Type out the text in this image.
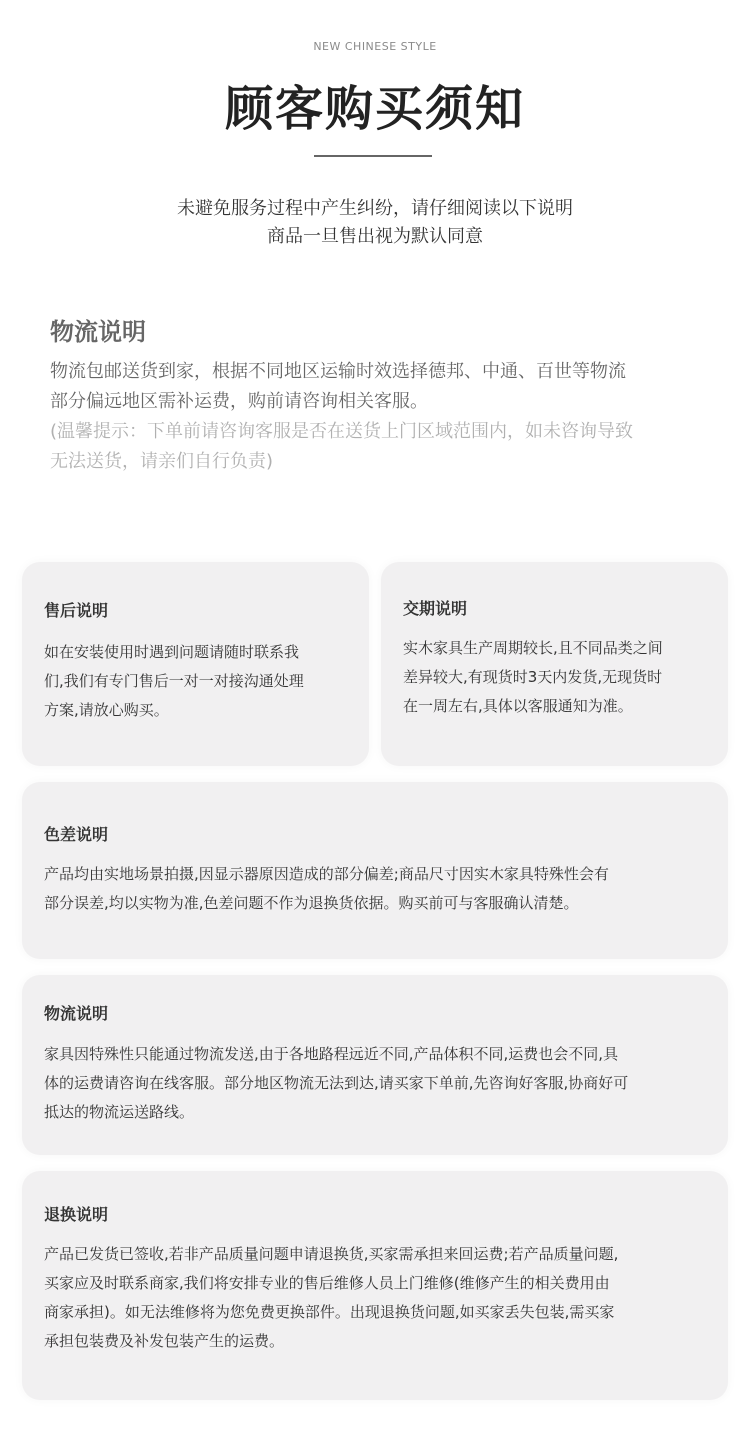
NEW CHINESE STYLE
顾客购买须知
未避免服务过程中产生纠纷，请仔细阅读以下说明
商品一旦售出视为默认同意
物流说明
物流包邮送货到家，根据不同地区运输时效选择德邦、中通、百世等物流
部分偏远地区需补运费，购前请咨询相关客服。
(温馨提示：下单前请咨询客服是否在送货上门区域范围内，如未咨询导致
无法送货，请亲们自行负责)
售后说明
如在安装使用时遇到问题请随时联系我
们,我们有专门售后一对一对接沟通处理
方案,请放心购买。
交期说明
实木家具生产周期较长,且不同品类之间
差异较大,有现货时3天内发货,无现货时
在一周左右,具体以客服通知为准。
色差说明
产品均由实地场景拍摄,因显示器原因造成的部分偏差;商品尺寸因实木家具特殊性会有
部分误差,均以实物为准,色差问题不作为退换货依据。购买前可与客服确认清楚。
物流说明
家具因特殊性只能通过物流发送,由于各地路程远近不同,产品体积不同,运费也会不同,具
体的运费请咨询在线客服。部分地区物流无法到达,请买家下单前,先咨询好客服,协商好可
抵达的物流运送路线。
退换说明
产品已发货已签收,若非产品质量问题申请退换货,买家需承担来回运费;若产品质量问题,
买家应及时联系商家,我们将安排专业的售后维修人员上门维修(维修产生的相关费用由
商家承担)。如无法维修将为您免费更换部件。出现退换货问题,如买家丢失包装,需买家
承担包装费及补发包装产生的运费。
